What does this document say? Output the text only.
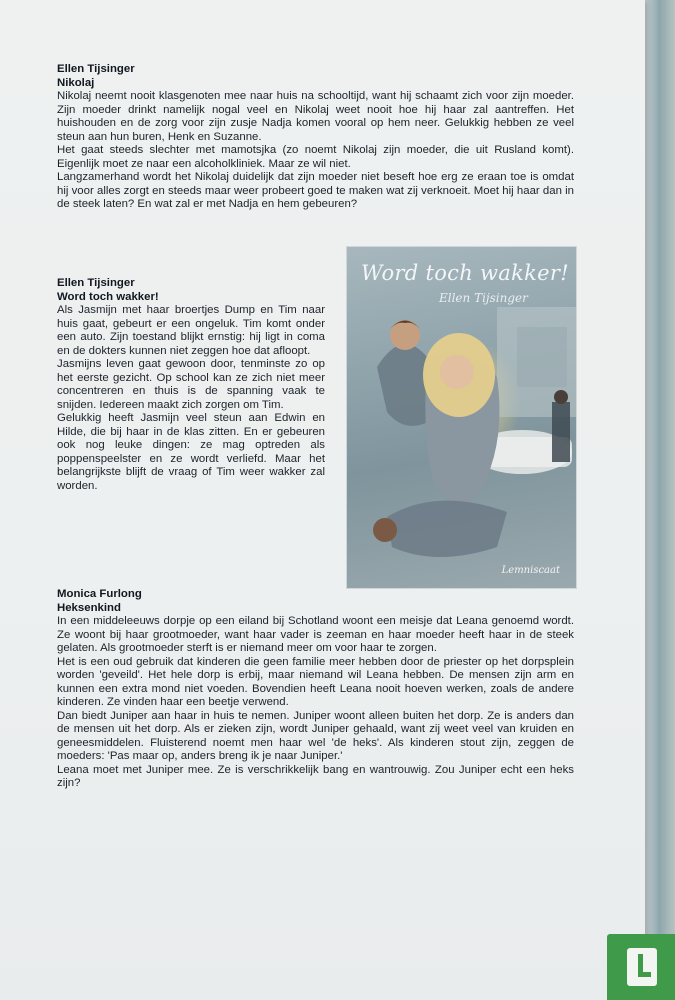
Ellen Tijsinger
Nikolaj

Nikolaj neemt nooit klasgenoten mee naar huis na schooltijd, want hij schaamt zich voor zijn moeder. Zijn moeder drinkt namelijk nogal veel en Nikolaj weet nooit hoe hij haar zal aantreffen. Het huishouden en de zorg voor zijn zusje Nadja komen vooral op hem neer. Gelukkig hebben ze veel steun aan hun buren, Henk en Suzanne.

Het gaat steeds slechter met mamotsjka (zo noemt Nikolaj zijn moeder, die uit Rusland komt). Eigenlijk moet ze naar een alcoholkliniek. Maar ze wil niet.

Langzamerhand wordt het Nikolaj duidelijk dat zijn moeder niet beseft hoe erg ze eraan toe is omdat hij voor alles zorgt en steeds maar weer probeert goed te maken wat zij verknoeit. Moet hij haar dan in de steek laten? En wat zal er met Nadja en hem gebeuren?

Ellen Tijsinger
Word toch wakker!

Als Jasmijn met haar broertjes Dump en Tim naar huis gaat, gebeurt er een ongeluk. Tim komt onder een auto. Zijn toestand blijkt ernstig: hij ligt in coma en de dokters kunnen niet zeggen hoe dat afloopt.

Jasmijns leven gaat gewoon door, tenminste zo op het eerste gezicht. Op school kan ze zich niet meer concentreren en thuis is de spanning vaak te snijden. Iedereen maakt zich zorgen om Tim.

Gelukkig heeft Jasmijn veel steun aan Edwin en Hilde, die bij haar in de klas zitten. En er gebeuren ook nog leuke dingen: ze mag optreden als poppenspeelster en ze wordt verliefd. Maar het belangrijkste blijft de vraag of Tim weer wakker zal worden.

Word toch wakker!
Ellen Tijsinger
Lemniscaat
Monica Furlong
Heksenkind

In een middeleeuws dorpje op een eiland bij Schotland woont een meisje dat Leana genoemd wordt. Ze woont bij haar grootmoeder, want haar vader is zeeman en haar moeder heeft haar in de steek gelaten. Als grootmoeder sterft is er niemand meer om voor haar te zorgen.

Het is een oud gebruik dat kinderen die geen familie meer hebben door de priester op het dorpsplein worden 'geveild'. Het hele dorp is erbij, maar niemand wil Leana hebben. De mensen zijn arm en kunnen een extra mond niet voeden. Bovendien heeft Leana nooit hoeven werken, zoals de andere kinderen. Ze vinden haar een beetje verwend.

Dan biedt Juniper aan haar in huis te nemen. Juniper woont alleen buiten het dorp. Ze is anders dan de mensen uit het dorp. Als er zieken zijn, wordt Juniper gehaald, want zij weet veel van kruiden en geneesmiddelen. Fluisterend noemt men haar wel 'de heks'. Als kinderen stout zijn, zeggen de moeders: 'Pas maar op, anders breng ik je naar Juniper.'

Leana moet met Juniper mee. Ze is verschrikkelijk bang en wantrouwig. Zou Juniper echt een heks zijn?
